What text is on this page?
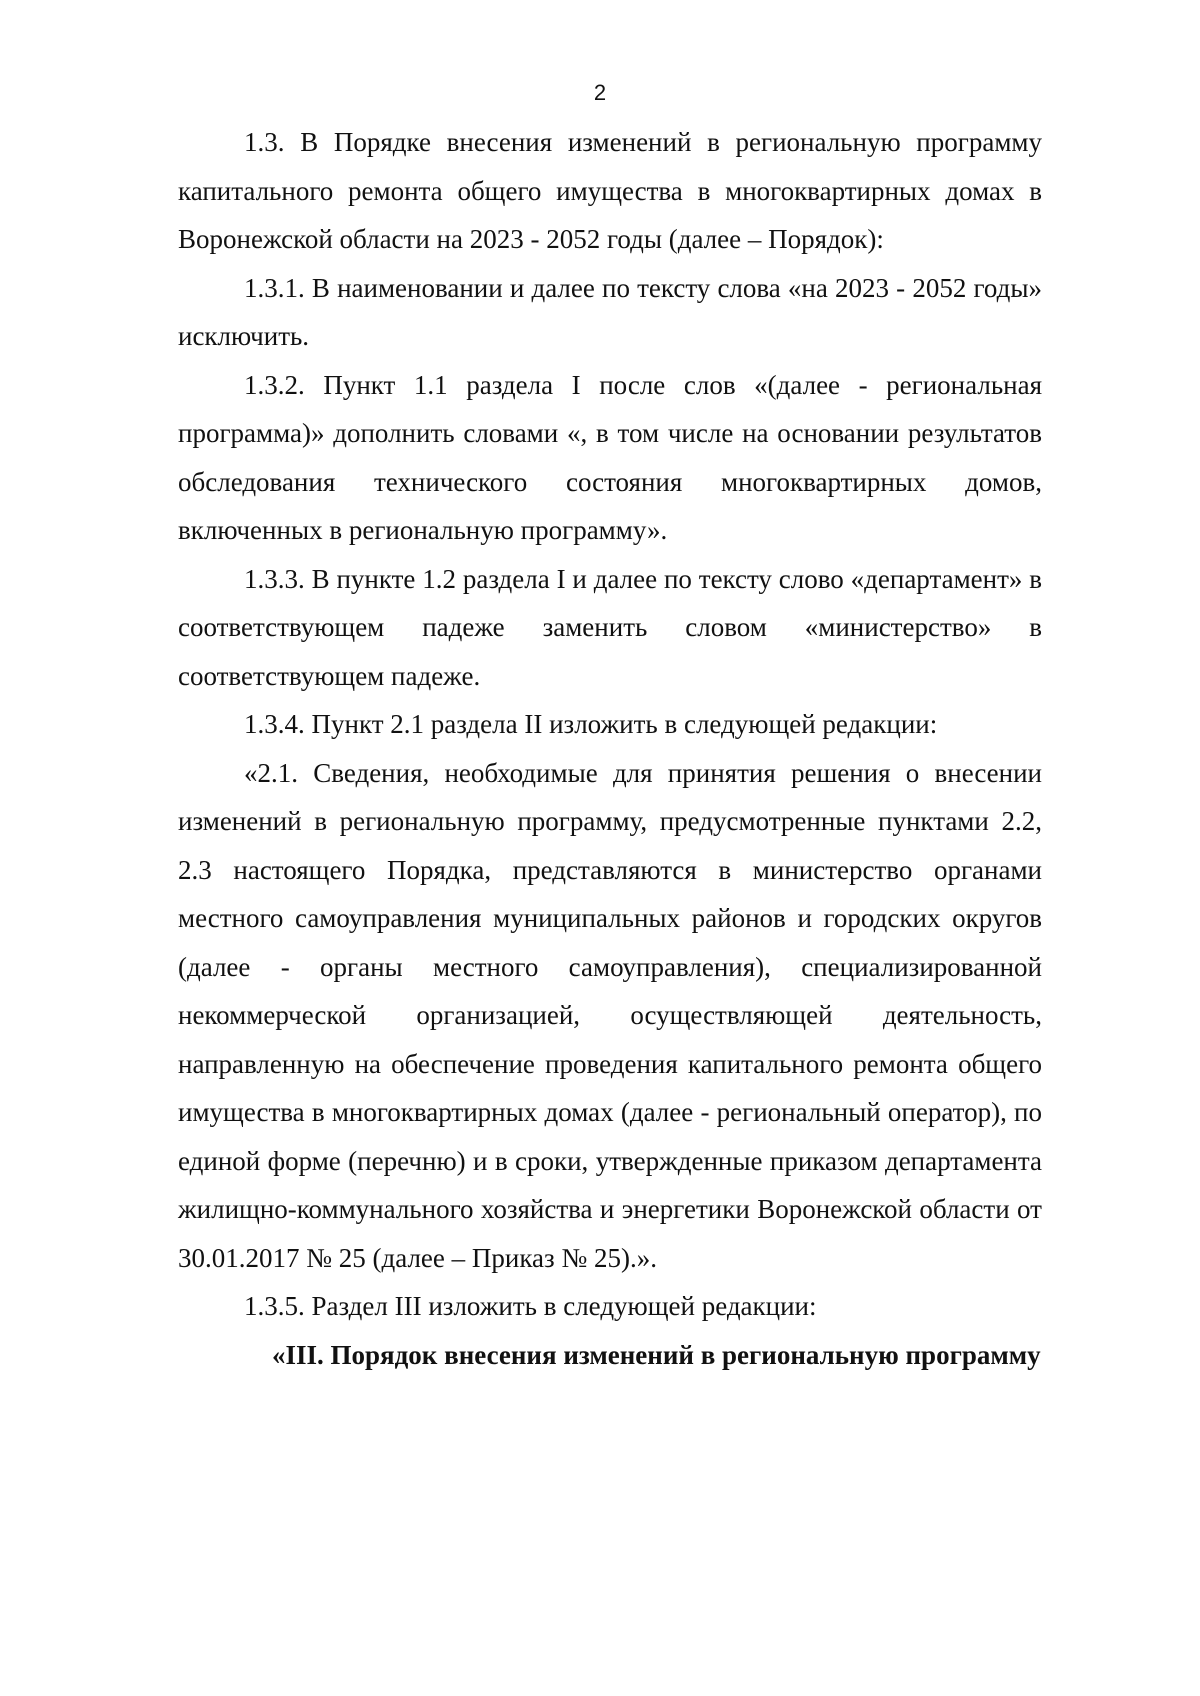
2

1.3. В Порядке внесения изменений в региональную программу капитального ремонта общего имущества в многоквартирных домах в Воронежской области на 2023 - 2052 годы (далее – Порядок):

1.3.1. В наименовании и далее по тексту слова «на 2023 - 2052 годы» исключить.

1.3.2. Пункт 1.1 раздела I после слов «(далее - региональная программа)» дополнить словами «, в том числе на основании результатов обследования технического состояния многоквартирных домов, включенных в региональную программу».

1.3.3. В пункте 1.2 раздела I и далее по тексту слово «департамент» в соответствующем падеже заменить словом «министерство» в соответствующем падеже.

1.3.4. Пункт 2.1 раздела II изложить в следующей редакции:

«2.1. Сведения, необходимые для принятия решения о внесении изменений в региональную программу, предусмотренные пунктами 2.2, 2.3 настоящего Порядка, представляются в министерство органами местного самоуправления муниципальных районов и городских округов (далее - органы местного самоуправления), специализированной некоммерческой организацией, осуществляющей деятельность, направленную на обеспечение проведения капитального ремонта общего имущества в многоквартирных домах (далее - региональный оператор), по единой форме (перечню) и в сроки, утвержденные приказом департамента жилищно-коммунального хозяйства и энергетики Воронежской области от 30.01.2017 № 25 (далее – Приказ № 25).».

1.3.5. Раздел III изложить в следующей редакции:

«III. Порядок внесения изменений в региональную программу
